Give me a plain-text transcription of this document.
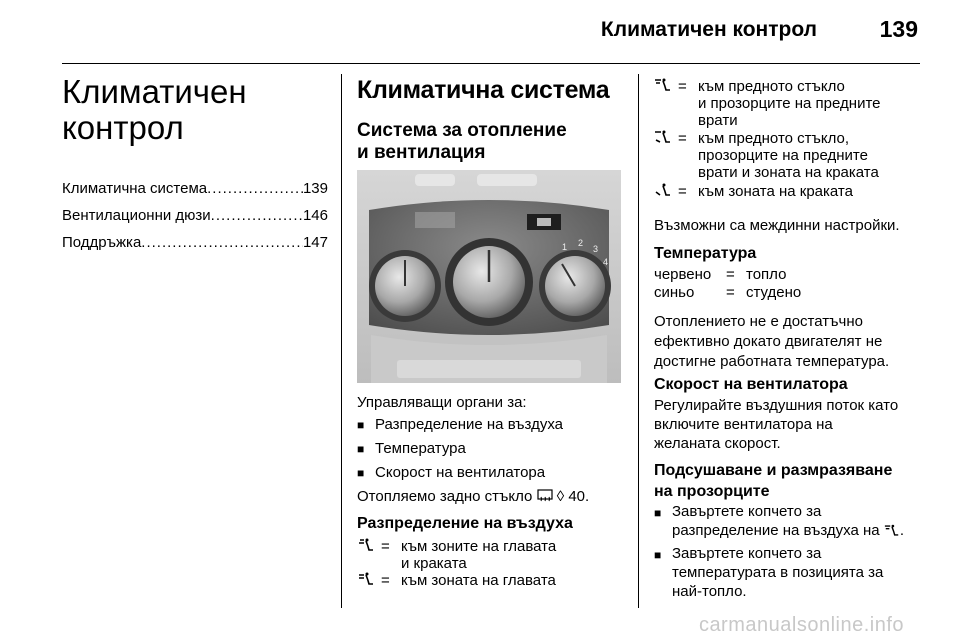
Климатичен контрол	139
Климатичен
контрол
Климатична система .....	139
Вентилационни дюзи .....	146
Поддръжка .....	147
Климатична система
Система за отопление
и вентилация
1 2
3
4
Управляващи органи за:
■ Разпределение на въздуха
■ Температура
■ Скорост на вентилатора
Отопляемо задно стъкло ◊ 40.
Разпределение на въздуха
= към зоните на главата
и краката
= към зоната на главата
= към предното стъкло
и прозорците на предните
врати
= към предното стъкло,
прозорците на предните
врати и зоната на краката
= към зоната на краката
Възможни са междинни настройки.
Температура
червено = топло
синьо	= студено
Отоплението не е достатъчно
ефективно докато двигателят не
достигне работната температура.
Скорост на вентилатора
Регулирайте въздушния поток като
включите вентилатора на
желаната скорост.
Подсушаване и размразяване
на прозорците
■ Завъртете копчето за
разпределение на въздуха на .
■ Завъртете копчето за
температурата в позицията за
най-топло.
carmanualsonline.info
